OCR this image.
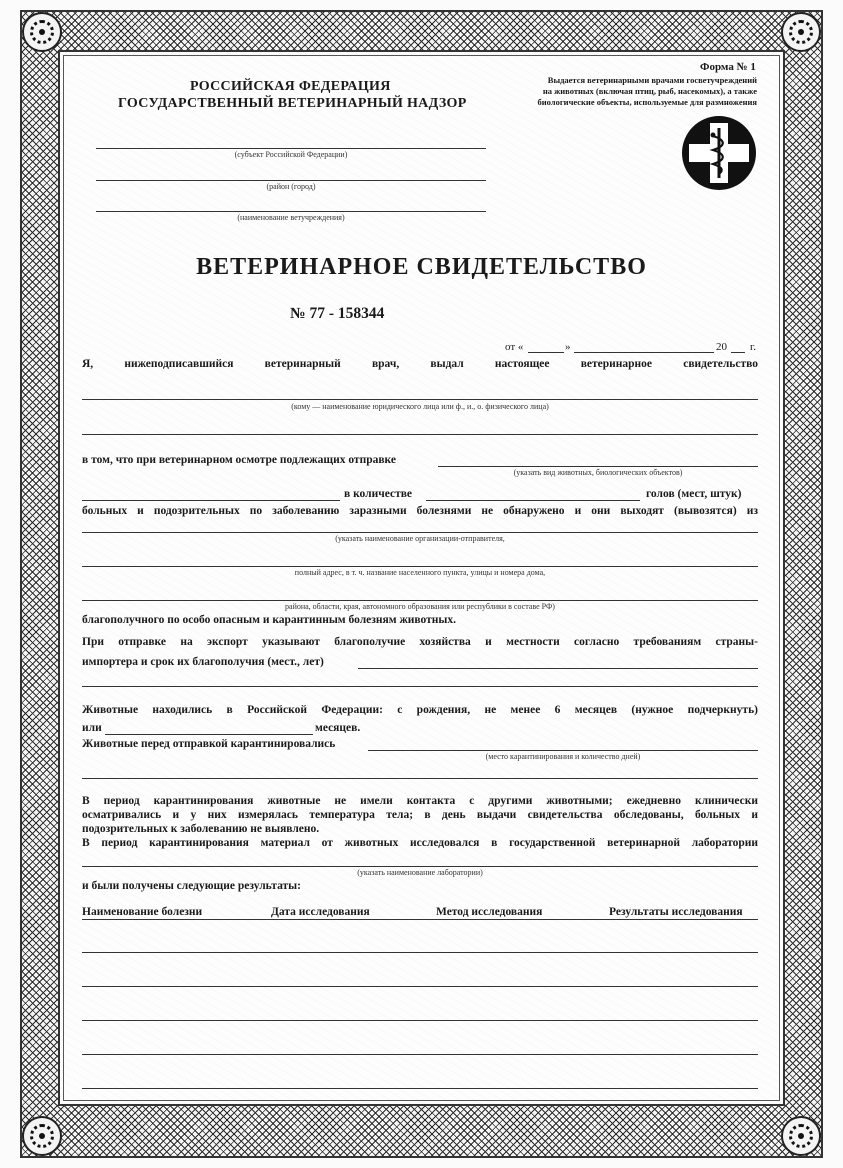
РОССИЙСКАЯ ФЕДЕРАЦИЯ
ГОСУДАРСТВЕННЫЙ ВЕТЕРИНАРНЫЙ НАДЗОР
Форма № 1
Выдается ветеринарными врачами госветучреждений
на животных (включая птиц, рыб, насекомых), а также
биологические объекты, используемые для размножения
(субъект Российской Федерации)
(район (город)
(наименование ветучреждения)
ВЕТЕРИНАРНОЕ СВИДЕТЕЛЬСТВО
№ 77 - 158344
от «	»	20 г.
Я, нижеподписавшийся ветеринарный врач, выдал настоящее ветеринарное свидетельство
(кому — наименование юридического лица или ф., и., о. физического лица)
в том, что при ветеринарном осмотре подлежащих отправке
(указать вид животных, биологических объектов)
в количестве	голов (мест, штук)
больных и подозрительных по заболеванию заразными болезнями не обнаружено и они выходят (вывозятся) из
(указать наименование организации-отправителя,
полный адрес, в т. ч. название населенного пункта, улицы и номера дома,
района, области, края, автономного образования или республики в составе РФ)
благополучного по особо опасным и карантинным болезням животных.
При отправке на экспорт указывают благополучие хозяйства и местности согласно требованиям страны-
импортера и срок их благополучия (мест., лет)
Животные находились в Российской Федерации: с рождения, не менее 6 месяцев (нужное подчеркнуть)
или	месяцев.
Животные перед отправкой карантинировались
(место карантинирования и количество дней)
В период карантинирования животные не имели контакта с другими животными; ежедневно клинически
осматривались и у них измерялась температура тела; в день выдачи свидетельства обследованы, больных и
подозрительных к заболеванию не выявлено.
В период карантинирования материал от животных исследовался в государственной ветеринарной лаборатории
(указать наименование лаборатории)
и были получены следующие результаты:
Наименование болезни	Дата исследования	Метод исследования	Результаты исследования
